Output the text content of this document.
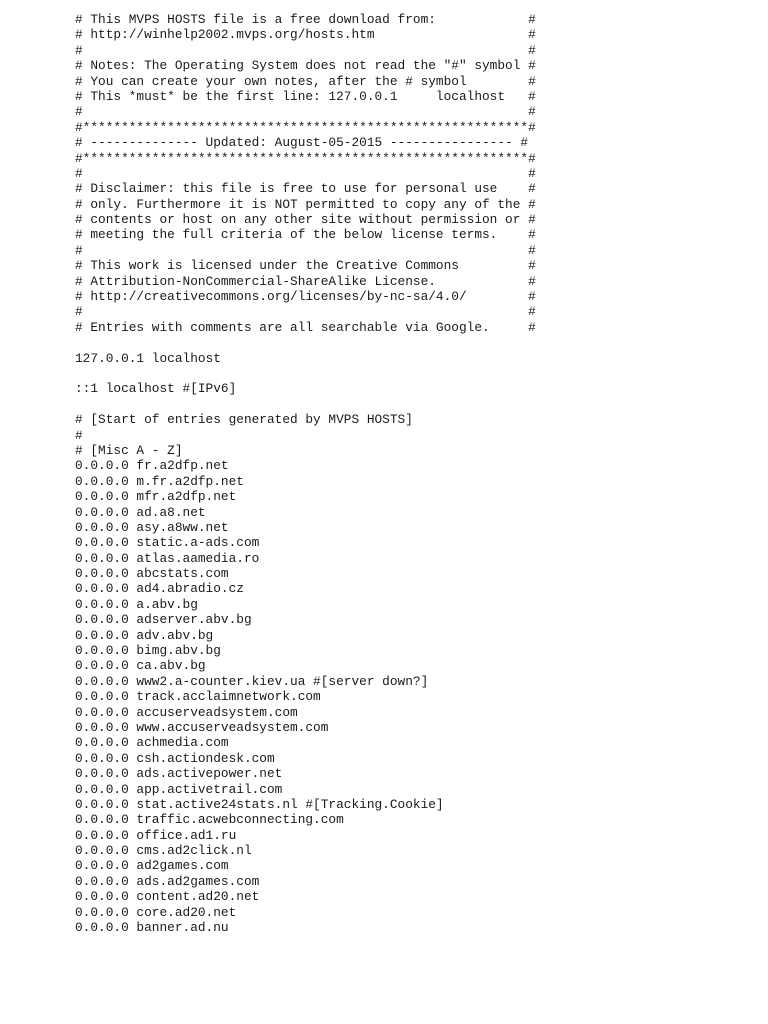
# This MVPS HOSTS file is a free download from:            #
# http://winhelp2002.mvps.org/hosts.htm                    #
#                                                          #
# Notes: The Operating System does not read the "#" symbol #
# You can create your own notes, after the # symbol        #
# This *must* be the first line: 127.0.0.1     localhost   #
#                                                          #
#**********************************************************#
# -------------- Updated: August-05-2015 ---------------- #
#**********************************************************#
#                                                          #
# Disclaimer: this file is free to use for personal use    #
# only. Furthermore it is NOT permitted to copy any of the #
# contents or host on any other site without permission or #
# meeting the full criteria of the below license terms.    #
#                                                          #
# This work is licensed under the Creative Commons         #
# Attribution-NonCommercial-ShareAlike License.            #
# http://creativecommons.org/licenses/by-nc-sa/4.0/        #
#                                                          #
# Entries with comments are all searchable via Google.     #
127.0.0.1 localhost
::1 localhost #[IPv6]
# [Start of entries generated by MVPS HOSTS]
#
# [Misc A - Z]
0.0.0.0 fr.a2dfp.net
0.0.0.0 m.fr.a2dfp.net
0.0.0.0 mfr.a2dfp.net
0.0.0.0 ad.a8.net
0.0.0.0 asy.a8ww.net
0.0.0.0 static.a-ads.com
0.0.0.0 atlas.aamedia.ro
0.0.0.0 abcstats.com
0.0.0.0 ad4.abradio.cz
0.0.0.0 a.abv.bg
0.0.0.0 adserver.abv.bg
0.0.0.0 adv.abv.bg
0.0.0.0 bimg.abv.bg
0.0.0.0 ca.abv.bg
0.0.0.0 www2.a-counter.kiev.ua #[server down?]
0.0.0.0 track.acclaimnetwork.com
0.0.0.0 accuserveadsystem.com
0.0.0.0 www.accuserveadsystem.com
0.0.0.0 achmedia.com
0.0.0.0 csh.actiondesk.com
0.0.0.0 ads.activepower.net
0.0.0.0 app.activetrail.com
0.0.0.0 stat.active24stats.nl #[Tracking.Cookie]
0.0.0.0 traffic.acwebconnecting.com
0.0.0.0 office.ad1.ru
0.0.0.0 cms.ad2click.nl
0.0.0.0 ad2games.com
0.0.0.0 ads.ad2games.com
0.0.0.0 content.ad20.net
0.0.0.0 core.ad20.net
0.0.0.0 banner.ad.nu
